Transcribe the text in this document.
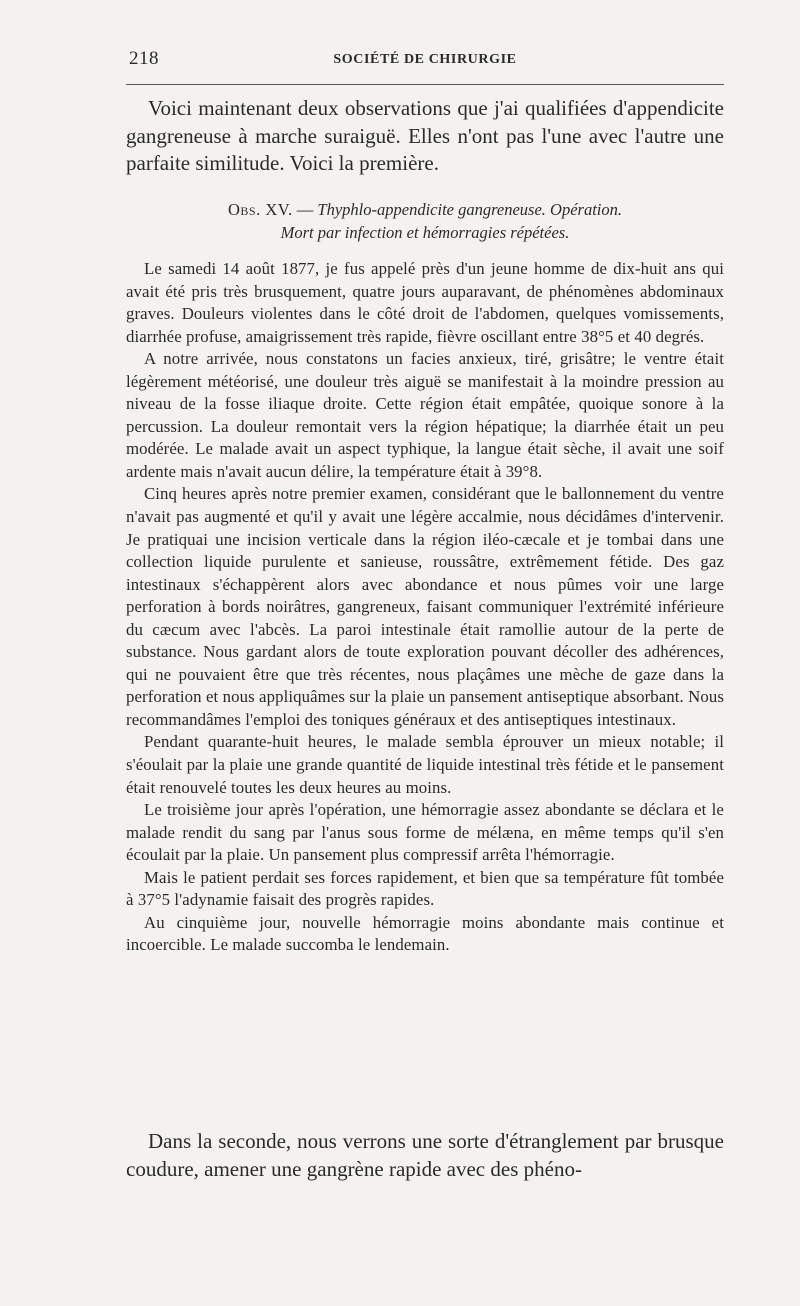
218	SOCIÉTÉ DE CHIRURGIE

Voici maintenant deux observations que j'ai qualifiées d'appendicite gangreneuse à marche suraiguë. Elles n'ont pas l'une avec l'autre une parfaite similitude. Voici la première.

Obs. XV. — Thyphlo-appendicite gangreneuse. Opération.
Mort par infection et hémorragies répétées.

Le samedi 14 août 1877, je fus appelé près d'un jeune homme de dix-huit ans qui avait été pris très brusquement, quatre jours auparavant, de phénomènes abdominaux graves. Douleurs violentes dans le côté droit de l'abdomen, quelques vomissements, diarrhée profuse, amaigrissement très rapide, fièvre oscillant entre 38°5 et 40 degrés.

A notre arrivée, nous constatons un facies anxieux, tiré, grisâtre; le ventre était légèrement météorisé, une douleur très aiguë se manifestait à la moindre pression au niveau de la fosse iliaque droite. Cette région était empâtée, quoique sonore à la percussion. La douleur remontait vers la région hépatique; la diarrhée était un peu modérée. Le malade avait un aspect typhique, la langue était sèche, il avait une soif ardente mais n'avait aucun délire, la température était à 39°8.

Cinq heures après notre premier examen, considérant que le ballonnement du ventre n'avait pas augmenté et qu'il y avait une légère accalmie, nous décidâmes d'intervenir. Je pratiquai une incision verticale dans la région iléo-cæcale et je tombai dans une collection liquide purulente et sanieuse, roussâtre, extrêmement fétide. Des gaz intestinaux s'échappèrent alors avec abondance et nous pûmes voir une large perforation à bords noirâtres, gangreneux, faisant communiquer l'extrémité inférieure du cæcum avec l'abcès. La paroi intestinale était ramollie autour de la perte de substance. Nous gardant alors de toute exploration pouvant décoller des adhérences, qui ne pouvaient être que très récentes, nous plaçâmes une mèche de gaze dans la perforation et nous appliquâmes sur la plaie un pansement antiseptique absorbant. Nous recommandâmes l'emploi des toniques généraux et des antiseptiques intestinaux.

Pendant quarante-huit heures, le malade sembla éprouver un mieux notable; il s'éoulait par la plaie une grande quantité de liquide intestinal très fétide et le pansement était renouvelé toutes les deux heures au moins.

Le troisième jour après l'opération, une hémorragie assez abondante se déclara et le malade rendit du sang par l'anus sous forme de mélæna, en même temps qu'il s'en écoulait par la plaie. Un pansement plus compressif arrêta l'hémorragie.

Mais le patient perdait ses forces rapidement, et bien que sa température fût tombée à 37°5 l'adynamie faisait des progrès rapides.

Au cinquième jour, nouvelle hémorragie moins abondante mais continue et incoercible. Le malade succomba le lendemain.

Dans la seconde, nous verrons une sorte d'étranglement par brusque coudure, amener une gangrène rapide avec des phéno-
